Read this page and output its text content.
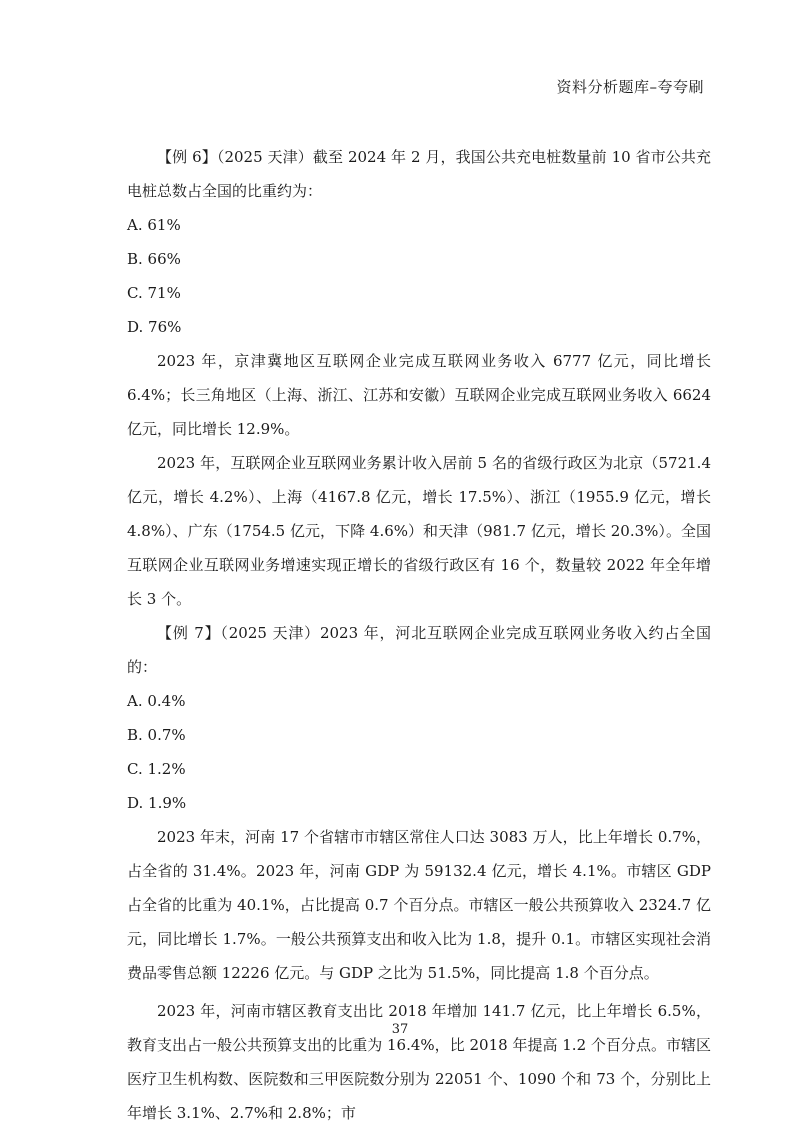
资料分析题库–夸夸刷
【例 6】（2025 天津）截至 2024 年 2 月，我国公共充电桩数量前 10 省市公共充电桩总数占全国的比重约为：
A. 61%
B. 66%
C. 71%
D. 76%
2023 年，京津冀地区互联网企业完成互联网业务收入 6777 亿元，同比增长 6.4%；长三角地区（上海、浙江、江苏和安徽）互联网企业完成互联网业务收入 6624 亿元，同比增长 12.9%。
2023 年，互联网企业互联网业务累计收入居前 5 名的省级行政区为北京（5721.4 亿元，增长 4.2%）、上海（4167.8 亿元，增长 17.5%）、浙江（1955.9 亿元，增长 4.8%）、广东（1754.5 亿元，下降 4.6%）和天津（981.7 亿元，增长 20.3%）。全国互联网企业互联网业务增速实现正增长的省级行政区有 16 个，数量较 2022 年全年增长 3 个。
【例 7】（2025 天津）2023 年，河北互联网企业完成互联网业务收入约占全国的：
A. 0.4%
B. 0.7%
C. 1.2%
D. 1.9%
2023 年末，河南 17 个省辖市市辖区常住人口达 3083 万人，比上年增长 0.7%，占全省的 31.4%。2023 年，河南 GDP 为 59132.4 亿元，增长 4.1%。市辖区 GDP 占全省的比重为 40.1%，占比提高 0.7 个百分点。市辖区一般公共预算收入 2324.7 亿元，同比增长 1.7%。一般公共预算支出和收入比为 1.8，提升 0.1。市辖区实现社会消费品零售总额 12226 亿元。与 GDP 之比为 51.5%，同比提高 1.8 个百分点。
2023 年，河南市辖区教育支出比 2018 年增加 141.7 亿元，比上年增长 6.5%，教育支出占一般公共预算支出的比重为 16.4%，比 2018 年提高 1.2 个百分点。市辖区医疗卫生机构数、医院数和三甲医院数分别为 22051 个、1090 个和 73 个，分别比上年增长 3.1%、2.7%和 2.8%；市
37
